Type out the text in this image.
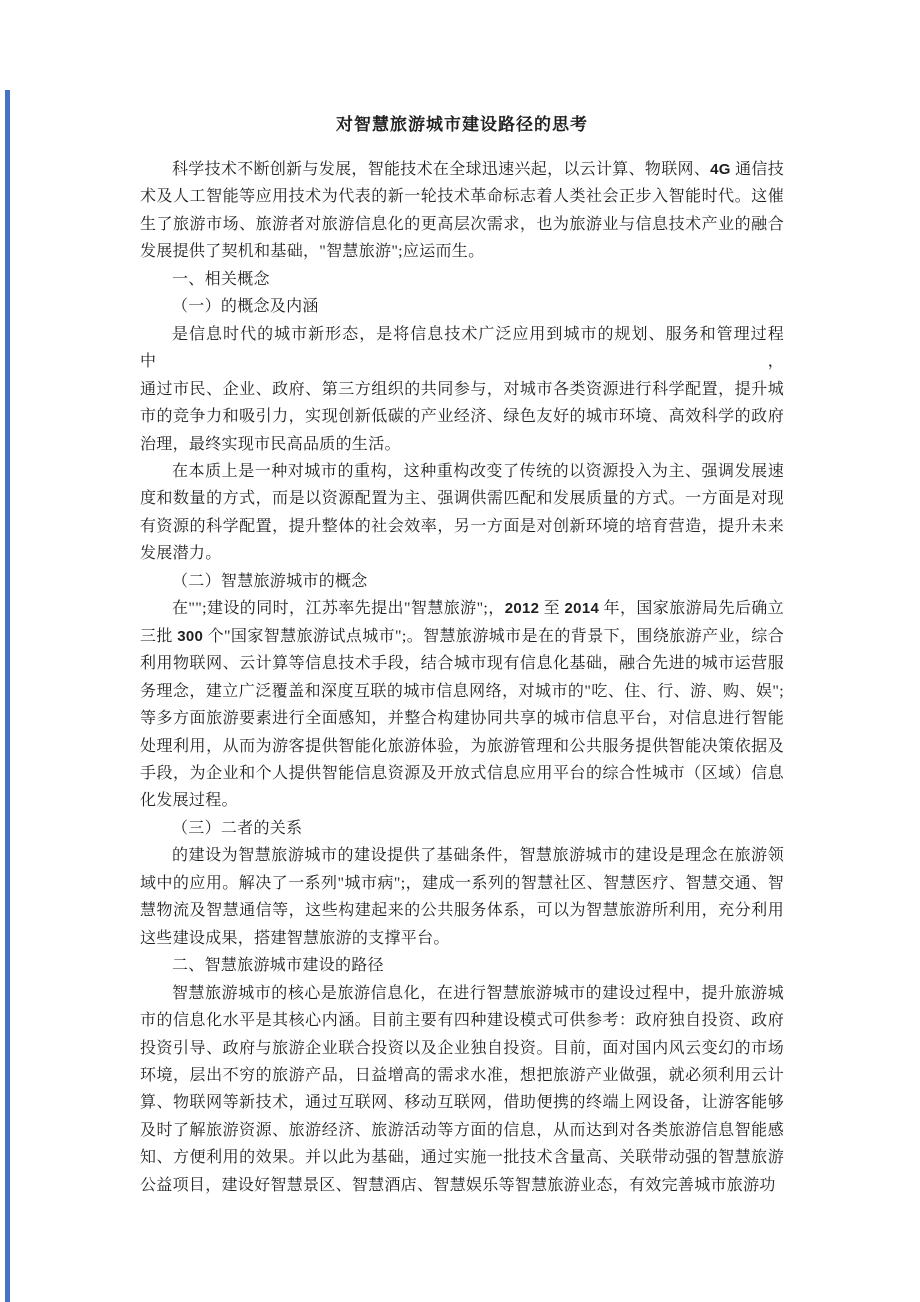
对智慧旅游城市建设路径的思考
科学技术不断创新与发展，智能技术在全球迅速兴起，以云计算、物联网、4G 通信技
术及人工智能等应用技术为代表的新一轮技术革命标志着人类社会正步入智能时代。这催
生了旅游市场、旅游者对旅游信息化的更高层次需求，也为旅游业与信息技术产业的融合
发展提供了契机和基础，"智慧旅游";应运而生。
一、相关概念
（一）的概念及内涵
是信息时代的城市新形态，是将信息技术广泛应用到城市的规划、服务和管理过程中，
通过市民、企业、政府、第三方组织的共同参与，对城市各类资源进行科学配置，提升城
市的竞争力和吸引力，实现创新低碳的产业经济、绿色友好的城市环境、高效科学的政府
治理，最终实现市民高品质的生活。
在本质上是一种对城市的重构，这种重构改变了传统的以资源投入为主、强调发展速
度和数量的方式，而是以资源配置为主、强调供需匹配和发展质量的方式。一方面是对现
有资源的科学配置，提升整体的社会效率，另一方面是对创新环境的培育营造，提升未来
发展潜力。
（二）智慧旅游城市的概念
在"";建设的同时，江苏率先提出"智慧旅游";，2012 至 2014 年，国家旅游局先后确立
三批 300 个"国家智慧旅游试点城市";。智慧旅游城市是在的背景下，围绕旅游产业，综合
利用物联网、云计算等信息技术手段，结合城市现有信息化基础，融合先进的城市运营服
务理念，建立广泛覆盖和深度互联的城市信息网络，对城市的"吃、住、行、游、购、娱";
等多方面旅游要素进行全面感知，并整合构建协同共享的城市信息平台，对信息进行智能
处理利用，从而为游客提供智能化旅游体验，为旅游管理和公共服务提供智能决策依据及
手段，为企业和个人提供智能信息资源及开放式信息应用平台的综合性城市（区域）信息
化发展过程。
（三）二者的关系
的建设为智慧旅游城市的建设提供了基础条件，智慧旅游城市的建设是理念在旅游领
域中的应用。解决了一系列"城市病";，建成一系列的智慧社区、智慧医疗、智慧交通、智
慧物流及智慧通信等，这些构建起来的公共服务体系，可以为智慧旅游所利用，充分利用
这些建设成果，搭建智慧旅游的支撑平台。
二、智慧旅游城市建设的路径
智慧旅游城市的核心是旅游信息化，在进行智慧旅游城市的建设过程中，提升旅游城
市的信息化水平是其核心内涵。目前主要有四种建设模式可供参考：政府独自投资、政府
投资引导、政府与旅游企业联合投资以及企业独自投资。目前，面对国内风云变幻的市场
环境，层出不穷的旅游产品，日益增高的需求水准，想把旅游产业做强，就必须利用云计
算、物联网等新技术，通过互联网、移动互联网，借助便携的终端上网设备，让游客能够
及时了解旅游资源、旅游经济、旅游活动等方面的信息，从而达到对各类旅游信息智能感
知、方便利用的效果。并以此为基础，通过实施一批技术含量高、关联带动强的智慧旅游
公益项目，建设好智慧景区、智慧酒店、智慧娱乐等智慧旅游业态，有效完善城市旅游功
